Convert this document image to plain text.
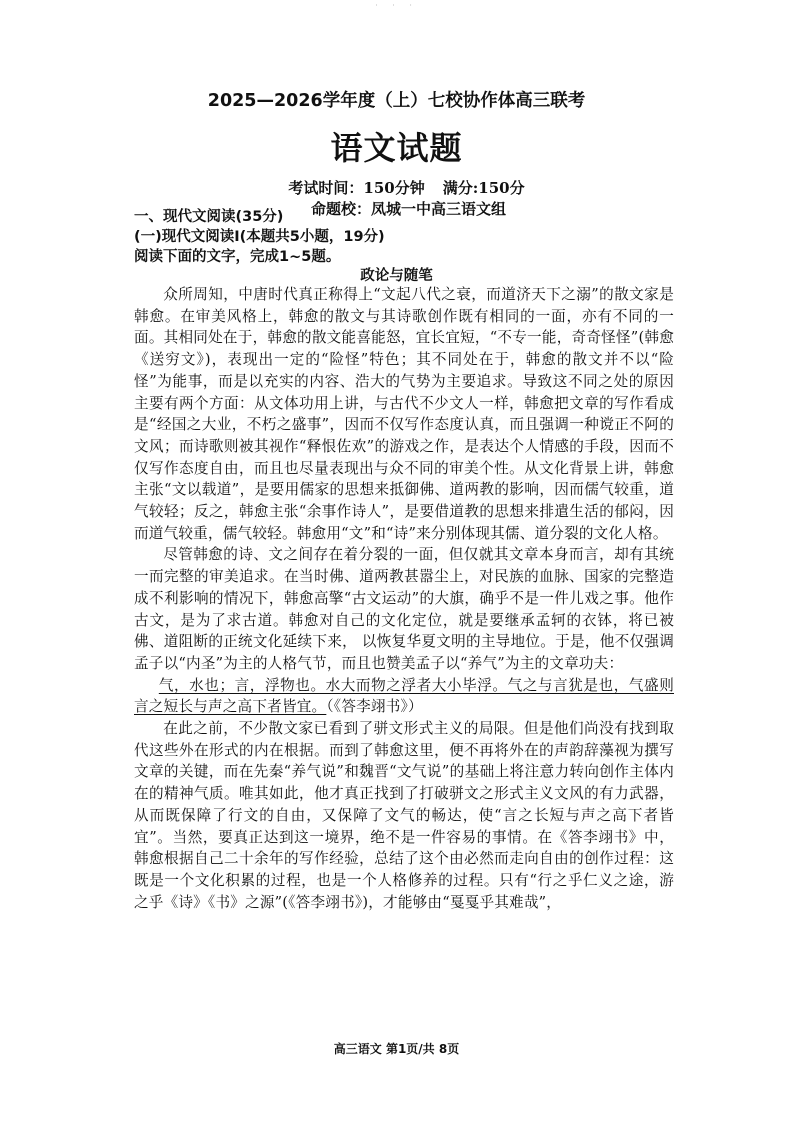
· · ·
2025—2026学年度（上）七校协作体高三联考
语文试题
考试时间：150分钟 满分:150分
命题校：凤城一中高三语文组
一、现代文阅读(35分)
(一)现代文阅读Ⅰ(本题共5小题，19分)
阅读下面的文字，完成1~5题。
政论与随笔

众所周知，中唐时代真正称得上“文起八代之衰，而道济天下之溺”的散文家是韩愈。在审美风格上，韩愈的散文与其诗歌创作既有相同的一面，亦有不同的一面。其相同处在于，韩愈的散文能喜能怒，宜长宜短，“不专一能，奇奇怪怪”(韩愈《送穷文》)，表现出一定的“险怪”特色；其不同处在于，韩愈的散文并不以“险怪”为能事，而是以充实的内容、浩大的气势为主要追求。导致这不同之处的原因主要有两个方面：从文体功用上讲，与古代不少文人一样，韩愈把文章的写作看成是“经国之大业，不朽之盛事”，因而不仅写作态度认真，而且强调一种谠正不阿的文风；而诗歌则被其视作“释恨佐欢”的游戏之作，是表达个人情感的手段，因而不仅写作态度自由，而且也尽量表现出与众不同的审美个性。从文化背景上讲，韩愈主张“文以载道”，是要用儒家的思想来抵御佛、道两教的影响，因而儒气较重，道气较轻；反之，韩愈主张“余事作诗人”，是要借道教的思想来排遣生活的郁闷，因而道气较重，儒气较轻。韩愈用“文”和“诗”来分别体现其儒、道分裂的文化人格。

尽管韩愈的诗、文之间存在着分裂的一面，但仅就其文章本身而言，却有其统一而完整的审美追求。在当时佛、道两教甚嚣尘上，对民族的血脉、国家的完整造成不利影响的情况下，韩愈高擎“古文运动”的大旗，确乎不是一件儿戏之事。他作古文，是为了求古道。韩愈对自己的文化定位，就是要继承孟轲的衣钵，将已被佛、道阻断的正统文化延续下来， 以恢复华夏文明的主导地位。于是，他不仅强调孟子以“内圣”为主的人格气节，而且也赞美孟子以“养气”为主的文章功夫：

气，水也；言，浮物也。水大而物之浮者大小毕浮。气之与言犹是也，气盛则言之短长与声之高下者皆宜。（《答李翊书》）

在此之前，不少散文家已看到了骈文形式主义的局限。但是他们尚没有找到取代这些外在形式的内在根据。而到了韩愈这里，便不再将外在的声韵辞藻视为撰写文章的关键，而在先秦“养气说”和魏晋“文气说”的基础上将注意力转向创作主体内在的精神气质。唯其如此，他才真正找到了打破骈文之形式主义文风的有力武器，从而既保障了行文的自由，又保障了文气的畅达，使“言之长短与声之高下者皆宜”。当然，要真正达到这一境界，绝不是一件容易的事情。在《答李翊书》中，韩愈根据自己二十余年的写作经验，总结了这个由必然而走向自由的创作过程：这既是一个文化积累的过程，也是一个人格修养的过程。只有“行之乎仁义之途，游之乎《诗》《书》之源”(《答李翊书》)，才能够由“戛戛乎其难哉”，

高三语文 第1页/共 8页
